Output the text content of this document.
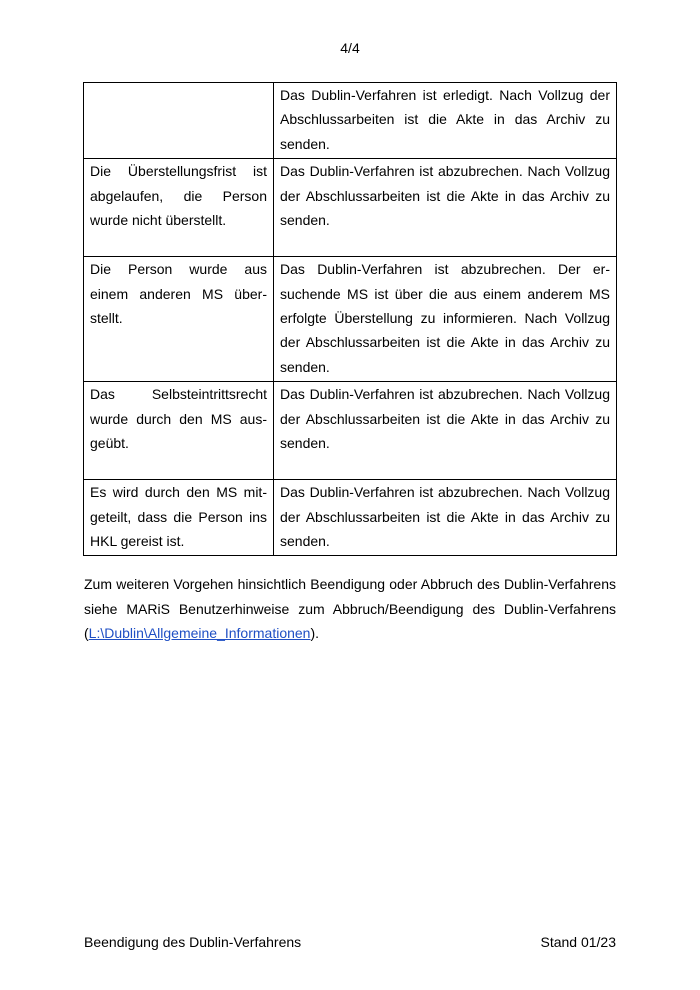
4/4
	Das Dublin-Verfahren ist erledigt. Nach Vollzug der Abschlussarbeiten ist die Akte in das Archiv zu senden.
Die Überstellungsfrist ist abgelaufen, die Person wurde nicht überstellt.	Das Dublin-Verfahren ist abzubrechen. Nach Vollzug der Abschlussarbeiten ist die Akte in das Archiv zu senden.
Die Person wurde aus einem anderen MS überstellt.	Das Dublin-Verfahren ist abzubrechen. Der ersuchende MS ist über die aus einem anderem MS erfolgte Überstellung zu informieren. Nach Vollzug der Abschlussarbeiten ist die Akte in das Archiv zu senden.
Das Selbsteintrittsrecht wurde durch den MS ausgeübt.	Das Dublin-Verfahren ist abzubrechen. Nach Vollzug der Abschlussarbeiten ist die Akte in das Archiv zu senden.
Es wird durch den MS mitgeteilt, dass die Person ins HKL gereist ist.	Das Dublin-Verfahren ist abzubrechen. Nach Vollzug der Abschlussarbeiten ist die Akte in das Archiv zu senden.

Zum weiteren Vorgehen hinsichtlich Beendigung oder Abbruch des Dublin-Verfahrens siehe MARiS Benutzerhinweise zum Abbruch/Beendigung des Dublin-Verfahrens (L:\Dublin\Allgemeine_Informationen).

Beendigung des Dublin-Verfahrens	Stand 01/23
